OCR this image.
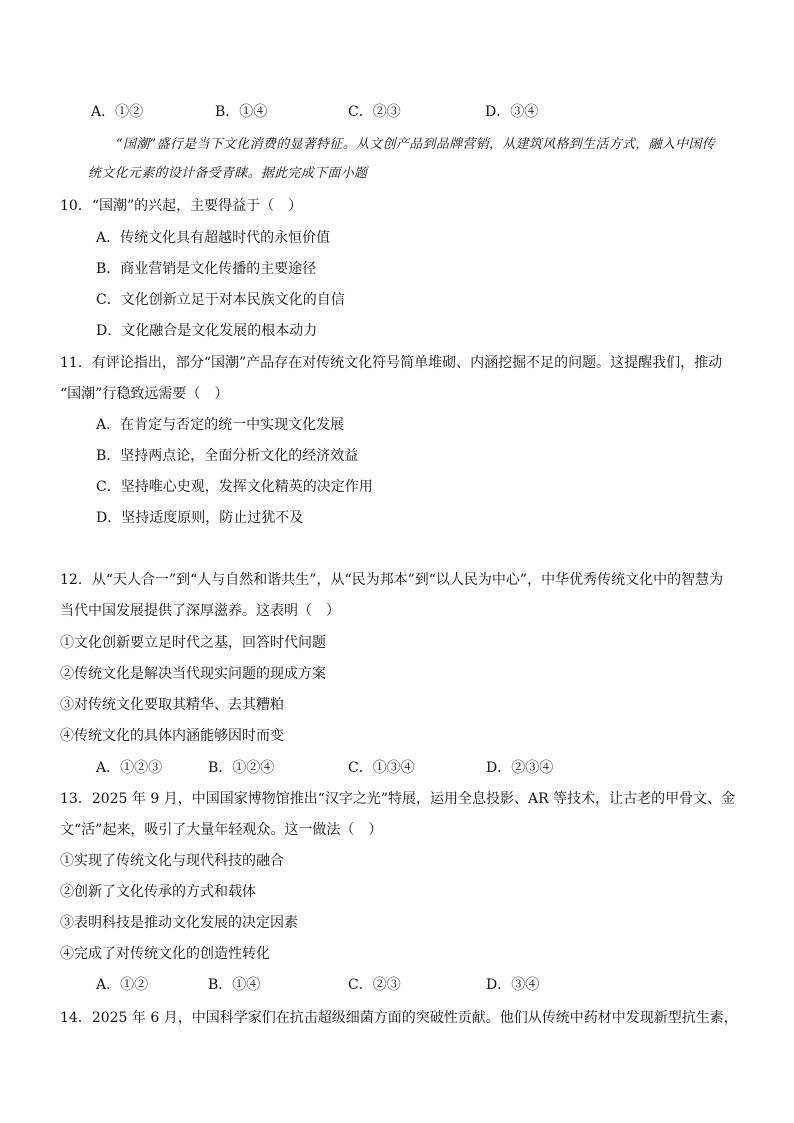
A．①②	B．①④	C．②③	D．③④
“国潮”盛行是当下文化消费的显著特征。从文创产品到品牌营销，从建筑风格到生活方式，融入中国传统文化元素的设计备受青睐。据此完成下面小题
10．“国潮”的兴起，主要得益于（　）
A．传统文化具有超越时代的永恒价值
B．商业营销是文化传播的主要途径
C．文化创新立足于对本民族文化的自信
D．文化融合是文化发展的根本动力
11．有评论指出，部分“国潮”产品存在对传统文化符号简单堆砌、内涵挖掘不足的问题。这提醒我们，推动
“国潮”行稳致远需要（　）
A．在肯定与否定的统一中实现文化发展
B．坚持两点论，全面分析文化的经济效益
C．坚持唯心史观，发挥文化精英的决定作用
D．坚持适度原则，防止过犹不及
12．从“天人合一”到“人与自然和谐共生”，从“民为邦本”到“以人民为中心”，中华优秀传统文化中的智慧为
当代中国发展提供了深厚滋养。这表明（　）
①文化创新要立足时代之基，回答时代问题
②传统文化是解决当代现实问题的现成方案
③对传统文化要取其精华、去其糟粕
④传统文化的具体内涵能够因时而变
A．①②③	B．①②④	C．①③④	D．②③④
13．2025 年 9 月，中国国家博物馆推出“汉字之光”特展，运用全息投影、AR 等技术，让古老的甲骨文、金
文“活”起来，吸引了大量年轻观众。这一做法（　）
①实现了传统文化与现代科技的融合
②创新了文化传承的方式和载体
③表明科技是推动文化发展的决定因素
④完成了对传统文化的创造性转化
A．①②	B．①④	C．②③	D．③④
14．2025 年 6 月，中国科学家们在抗击超级细菌方面的突破性贡献。他们从传统中药材中发现新型抗生素，
